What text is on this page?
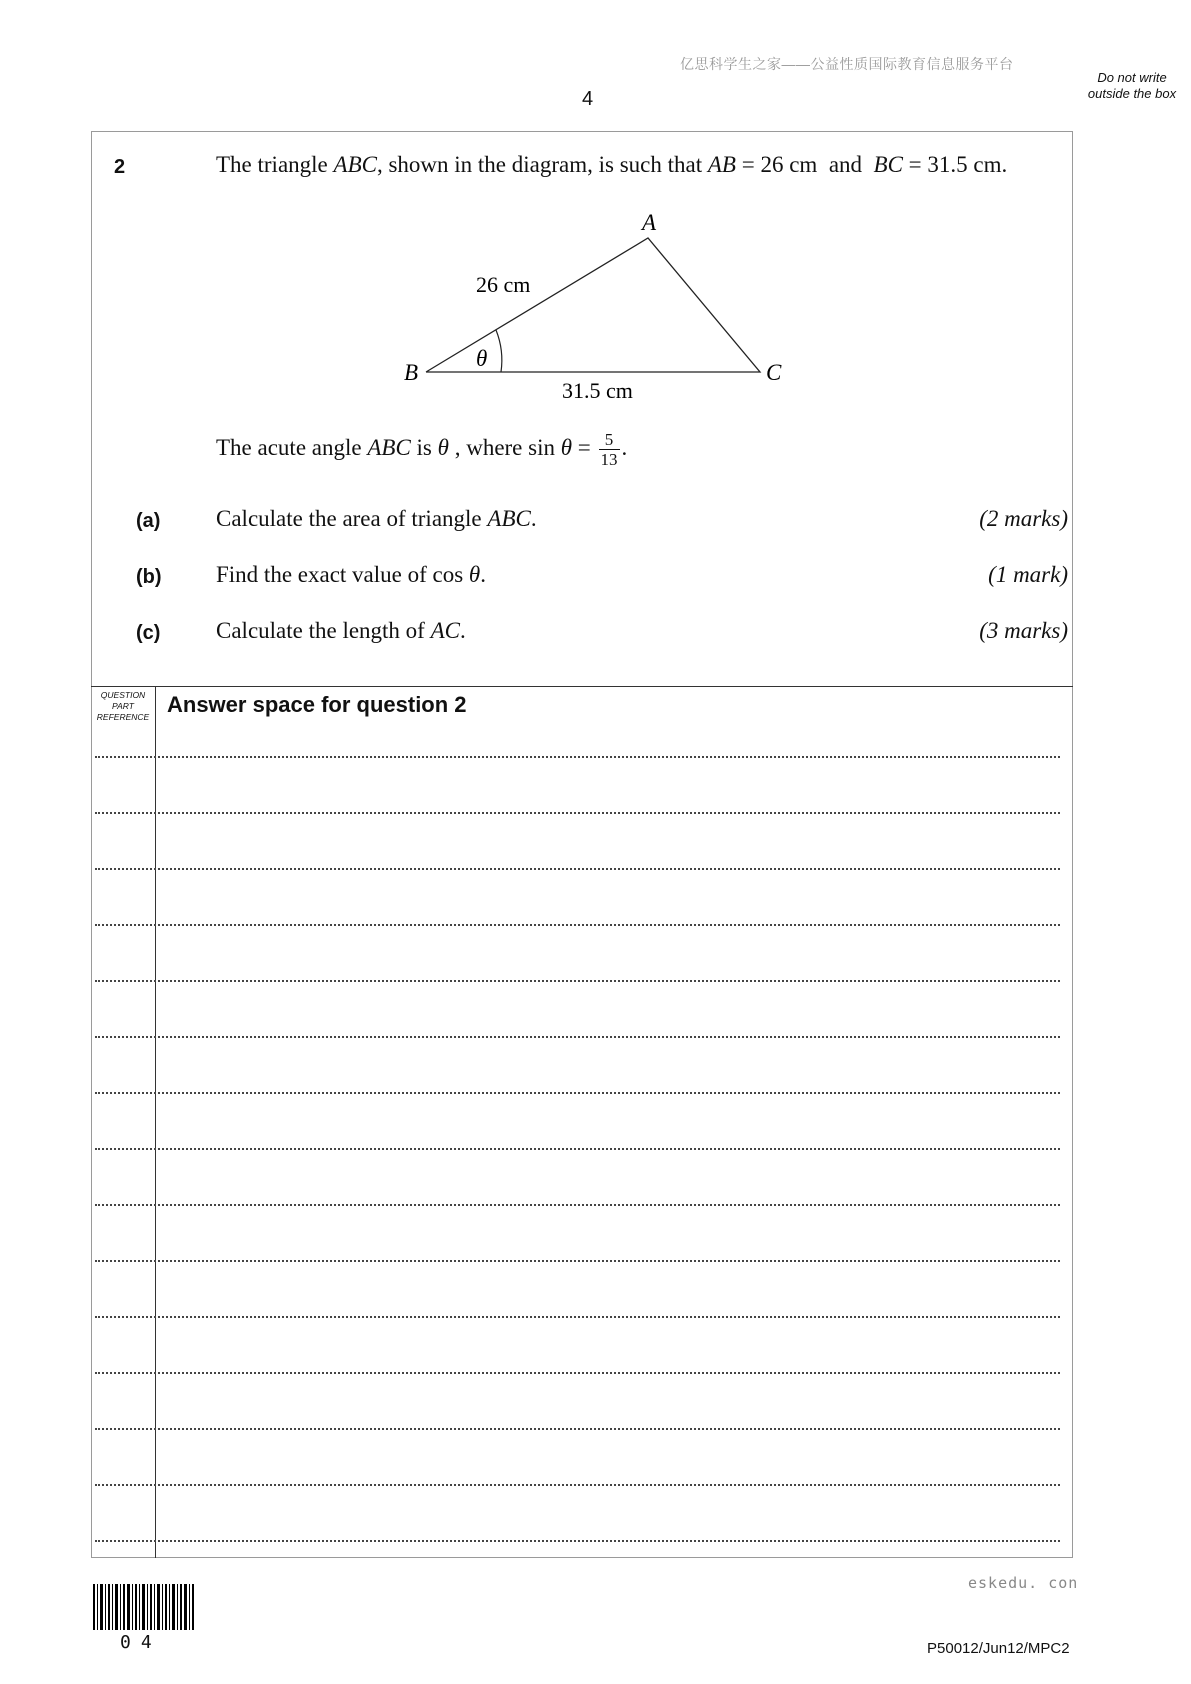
亿思科学生之家——公益性质国际教育信息服务平台
4
Do not write outside the box
2	The triangle ABC, shown in the diagram, is such that AB = 26 cm  and  BC = 31.5 cm.
A
B	C
26 cm
31.5 cm
θ
The acute angle ABC is θ , where $\sin \theta = \frac{5}{13}$ .
(a) Calculate the area of triangle ABC.	(2 marks)
(b) Find the exact value of cos θ.	(1 mark)
(c) Calculate the length of AC.	(3 marks)
QUESTION PART REFERENCE Answer space for question 2
eskedu. con
04	P50012/Jun12/MPC2
